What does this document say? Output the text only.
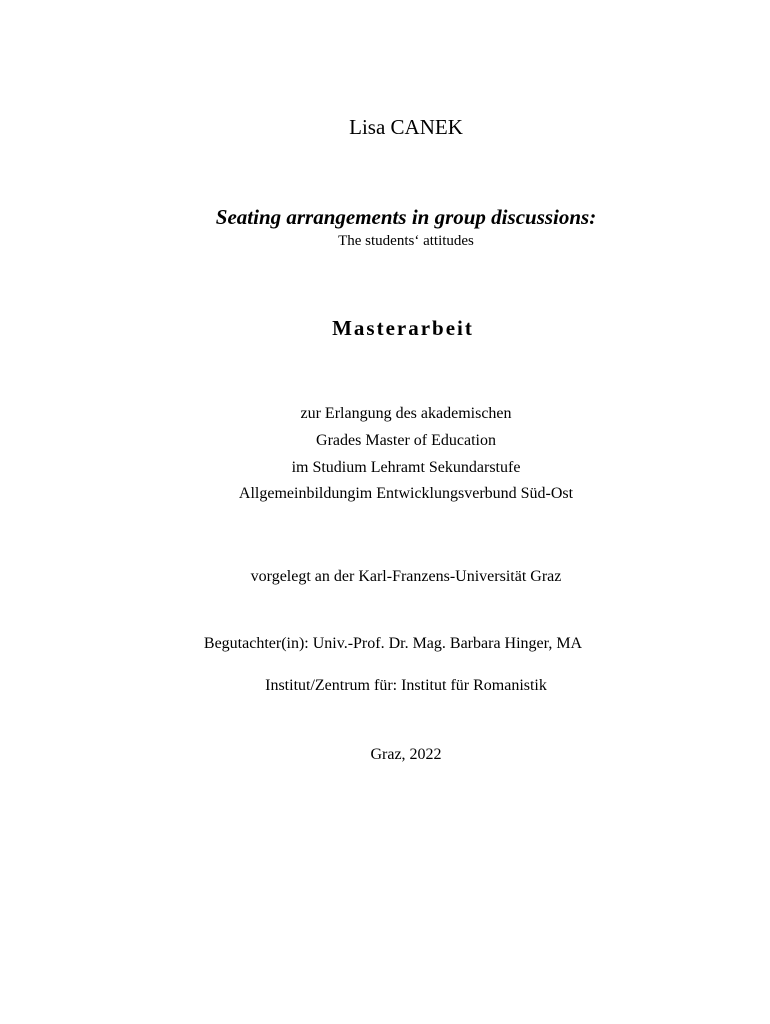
Lisa CANEK
Seating arrangements in group discussions:
The students‘ attitudes
Masterarbeit
zur Erlangung des akademischen
Grades Master of Education
im Studium Lehramt Sekundarstufe
Allgemeinbildungim Entwicklungsverbund Süd-Ost
vorgelegt an der Karl-Franzens-Universität Graz
Begutachter(in): Univ.-Prof. Dr. Mag. Barbara Hinger, MA
Institut/Zentrum für: Institut für Romanistik
Graz, 2022
